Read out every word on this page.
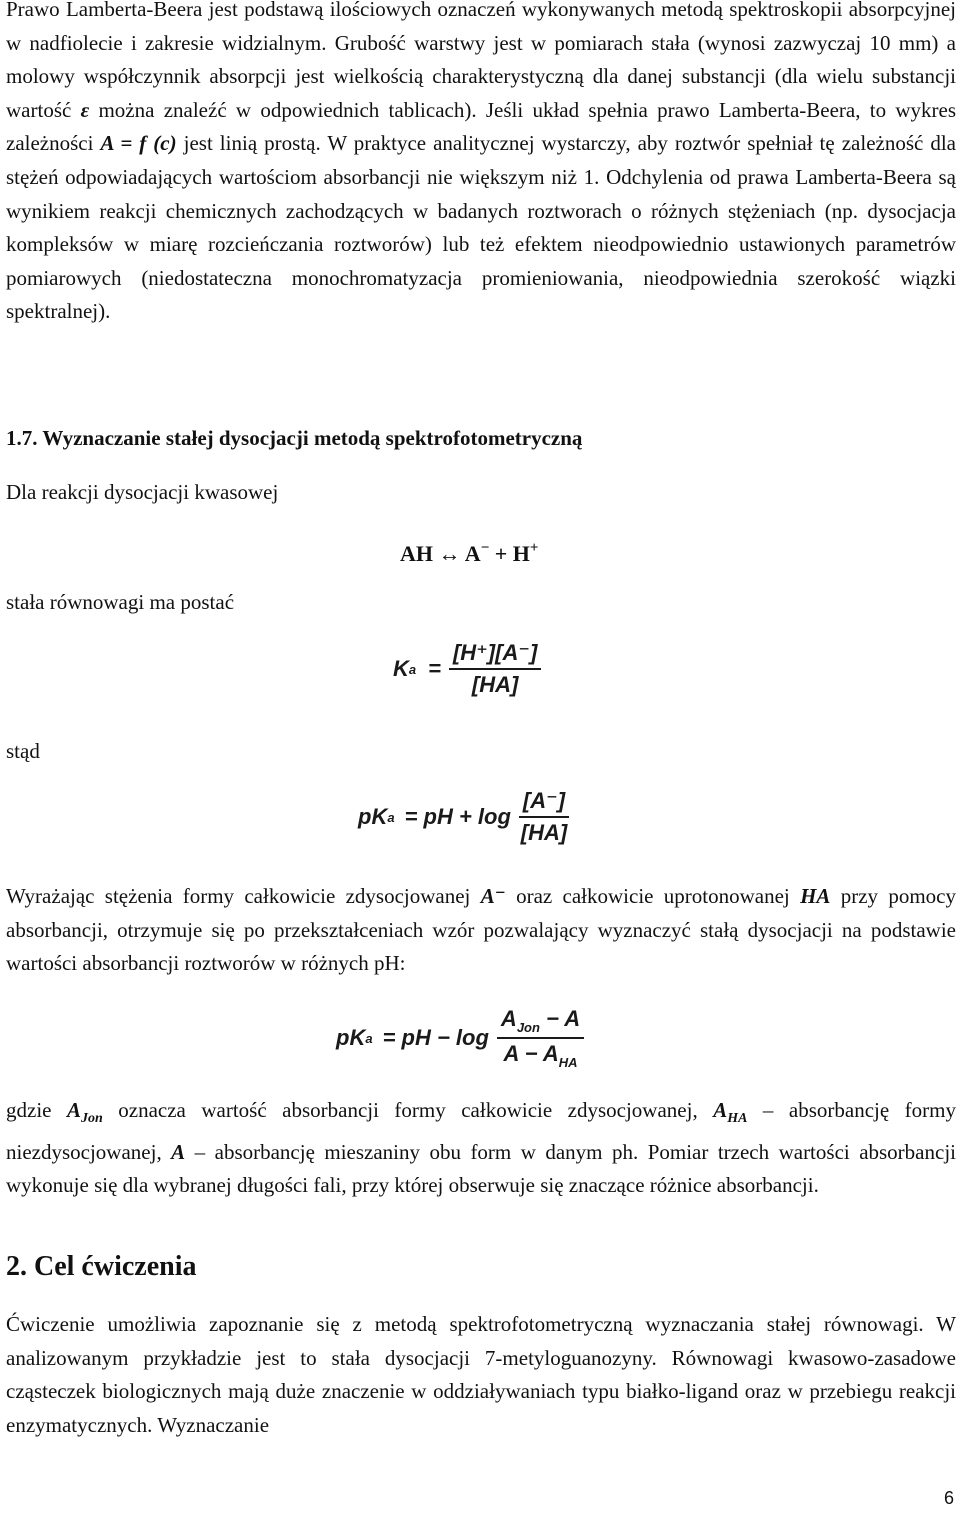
Prawo Lamberta-Beera jest podstawą ilościowych oznaczeń wykonywanych metodą spektroskopii absorpcyjnej w nadfiolecie i zakresie widzialnym. Grubość warstwy jest w pomiarach stała (wynosi zazwyczaj 10 mm) a molowy współczynnik absorpcji jest wielkością charakterystyczną dla danej substancji (dla wielu substancji wartość ε można znaleźć w odpowiednich tablicach). Jeśli układ spełnia prawo Lamberta-Beera, to wykres zależności A = f (c) jest linią prostą. W praktyce analitycznej wystarczy, aby roztwór spełniał tę zależność dla stężeń odpowiadających wartościom absorbancji nie większym niż 1. Odchylenia od prawa Lamberta-Beera są wynikiem reakcji chemicznych zachodzących w badanych roztworach o różnych stężeniach (np. dysocjacja kompleksów w miarę rozcieńczania roztworów) lub też efektem nieodpowiednio ustawionych parametrów pomiarowych (niedostateczna monochromatyzacja promieniowania, nieodpowiednia szerokość wiązki spektralnej).

1.7. Wyznaczanie stałej dysocjacji metodą spektrofotometryczną

Dla reakcji dysocjacji kwasowej

AH ↔ A− + H+

stała równowagi ma postać

K $a = \frac{[H^+][A^-]}{[HA]}$

stąd

pK a = pH + $\log \frac{[A^-]}{[HA]}$

Wyrażając stężenia formy całkowicie zdysocjowanej A⁻ oraz całkowicie uprotonowanej HA przy pomocy absorbancji, otrzymuje się po przekształceniach wzór pozwalający wyznaczyć stałą dysocjacji na podstawie wartości absorbancji roztworów w różnych pH:

pK a = pH − $\log \frac{A_{Jon} - A}{A - A_{HA}}$

gdzie $A_{Jon}$ oznacza wartość absorbancji formy całkowicie zdysocjowanej, $A_{HA}$ – absorbancję formy niezdysocjowanej, A – absorbancję mieszaniny obu form w danym ph. Pomiar trzech wartości absorbancji wykonuje się dla wybranej długości fali, przy której obserwuje się znaczące różnice absorbancji.

2. Cel ćwiczenia

Ćwiczenie umożliwia zapoznanie się z metodą spektrofotometryczną wyznaczania stałej równowagi. W analizowanym przykładzie jest to stała dysocjacji 7-metyloguanozyny. Równowagi kwasowo-zasadowe cząsteczek biologicznych mają duże znaczenie w oddziaływaniach typu białko-ligand oraz w przebiegu reakcji enzymatycznych. Wyznaczanie

6
